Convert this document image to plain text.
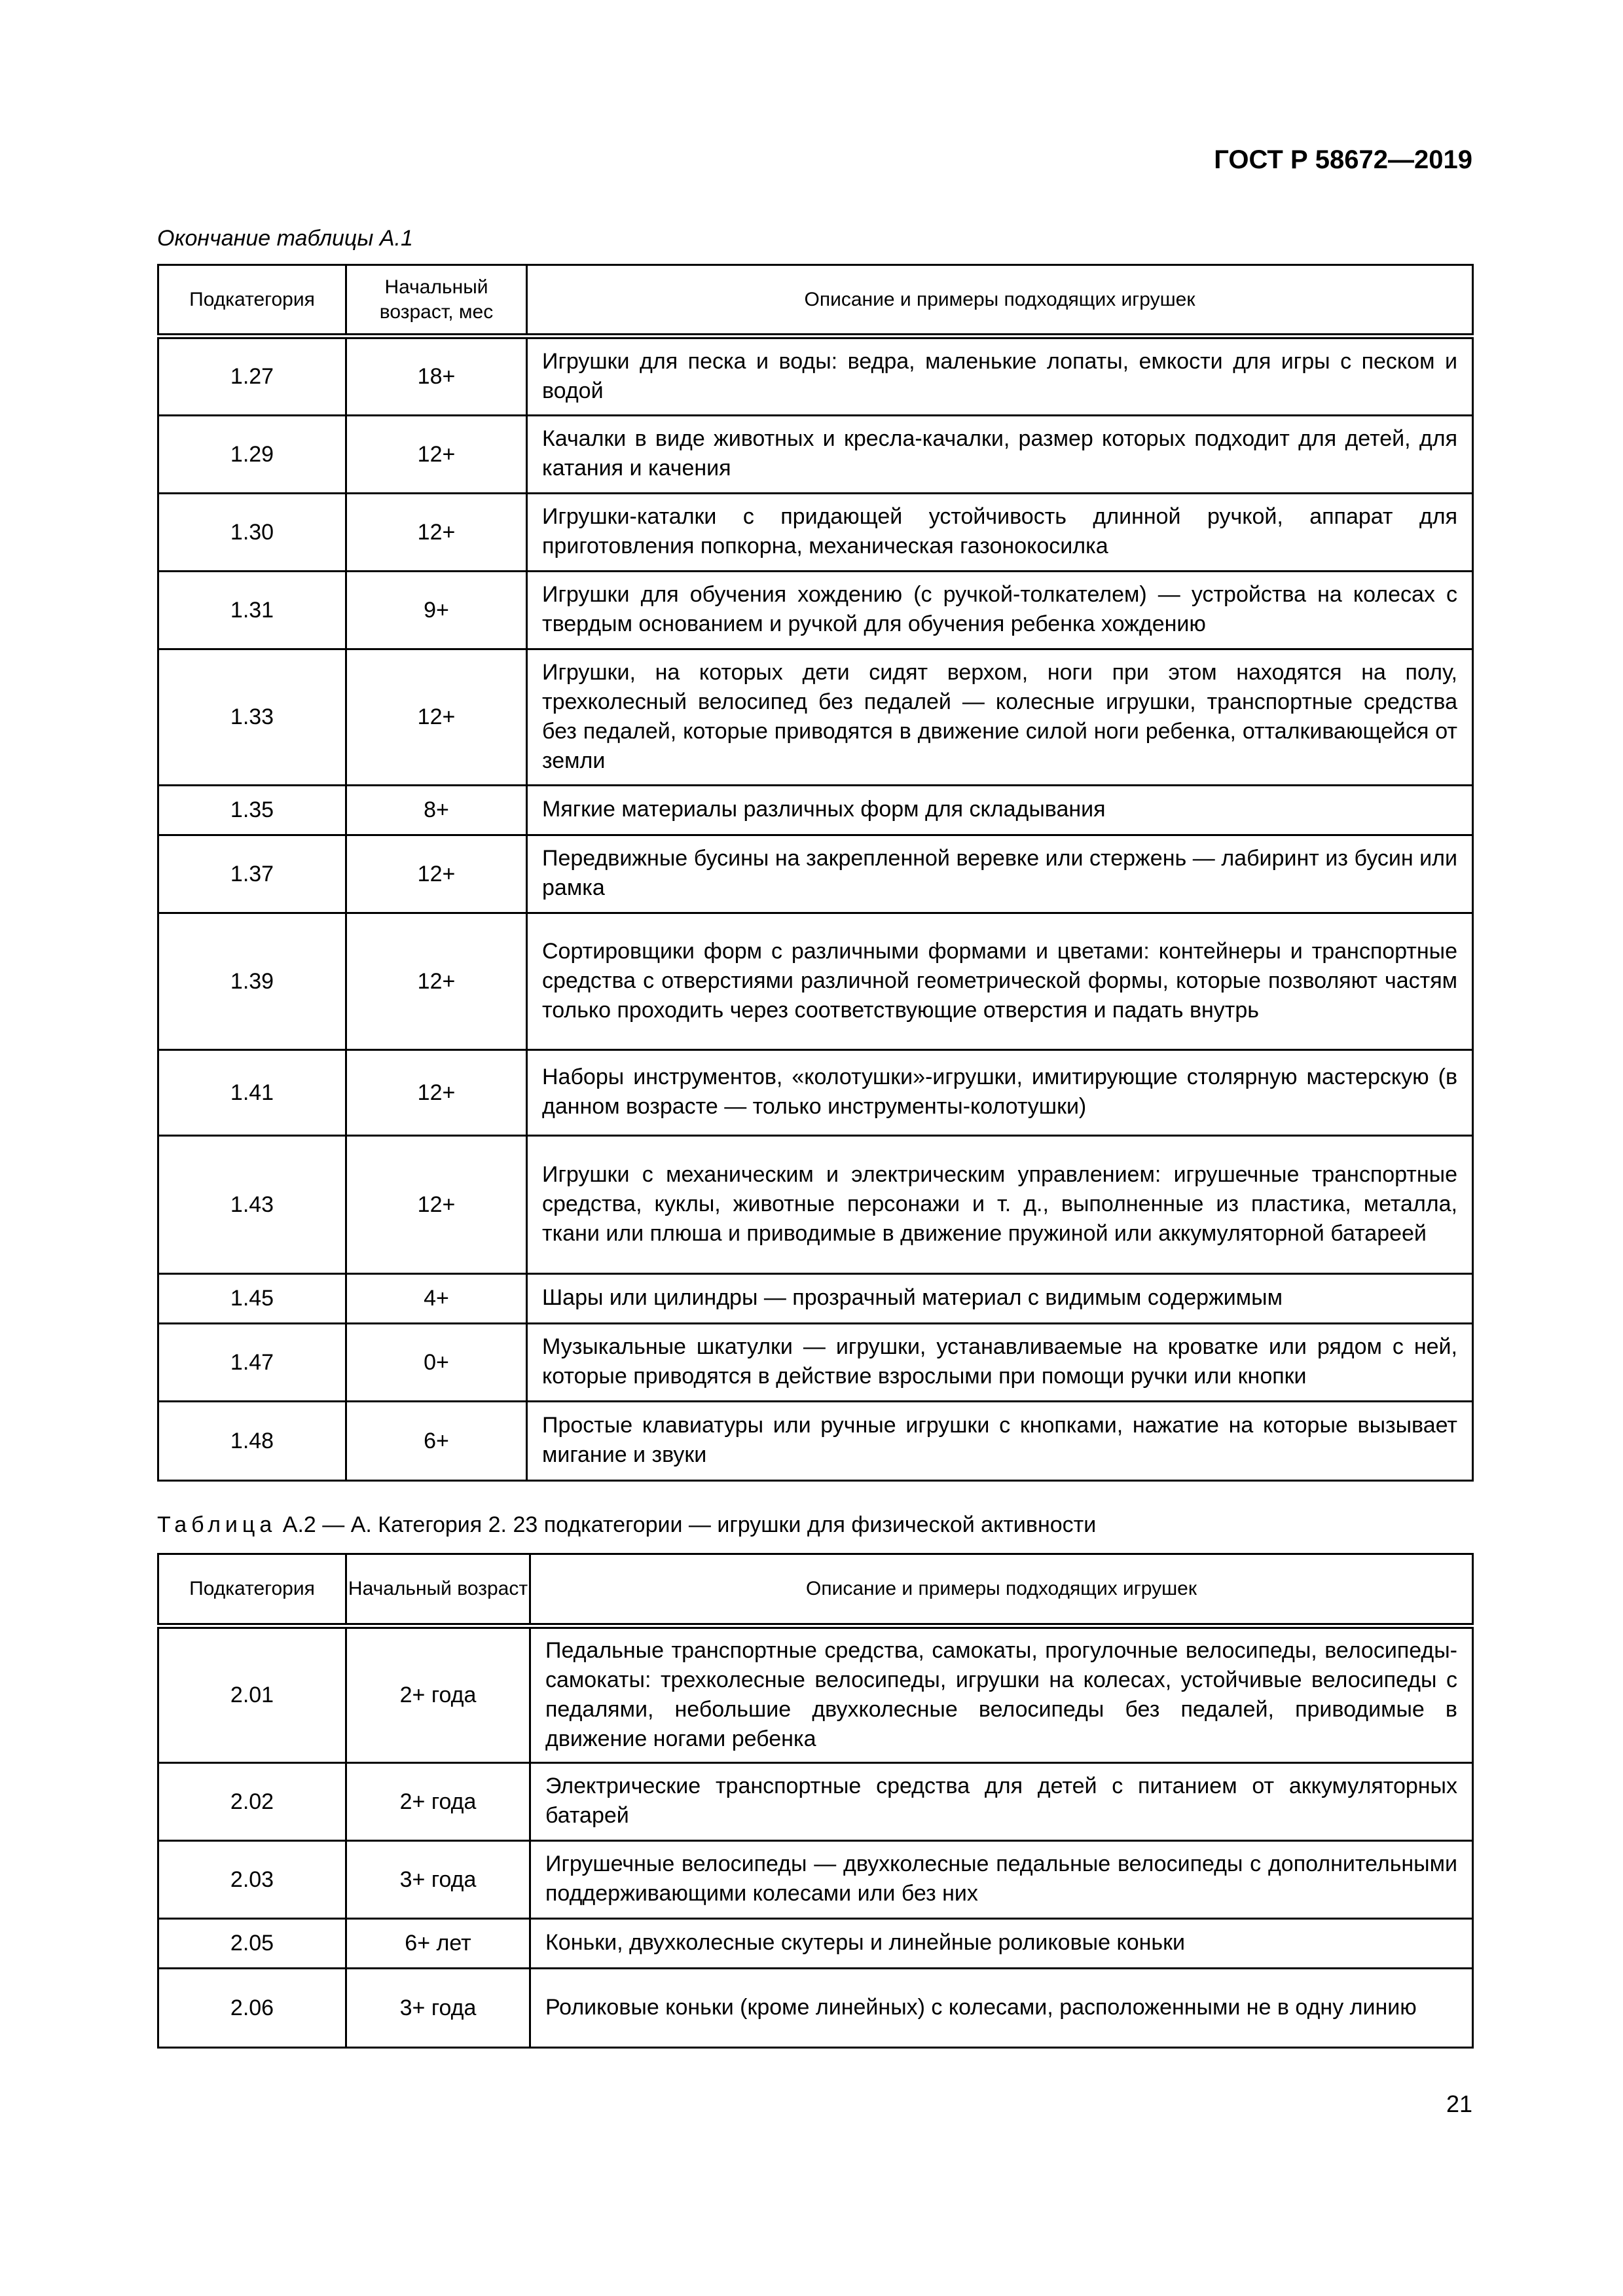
ГОСТ Р 58672—2019
Окончание таблицы А.1
Подкатегория	Начальный возраст, мес	Описание и примеры подходящих игрушек
1.27	18+	Игрушки для песка и воды: ведра, маленькие лопаты, емкости для игры с песком и водой
1.29	12+	Качалки в виде животных и кресла-качалки, размер которых подходит для детей, для катания и качения
1.30	12+	Игрушки-каталки с придающей устойчивость длинной ручкой, аппарат для приготовления попкорна, механическая газонокосилка
1.31	9+	Игрушки для обучения хождению (с ручкой-толкателем) — устройства на колесах с твердым основанием и ручкой для обучения ребенка хождению
1.33	12+	Игрушки, на которых дети сидят верхом, ноги при этом находятся на полу, трехколесный велосипед без педалей — колесные игрушки, транспортные средства без педалей, которые приводятся в движение силой ноги ребенка, отталкивающейся от земли
1.35	8+	Мягкие материалы различных форм для складывания
1.37	12+	Передвижные бусины на закрепленной веревке или стержень — лабиринт из бусин или рамка
1.39	12+	Сортировщики форм с различными формами и цветами: контейнеры и транспортные средства с отверстиями различной геометрической формы, которые позволяют частям только проходить через соответствующие отверстия и падать внутрь
1.41	12+	Наборы инструментов, «колотушки»-игрушки, имитирующие столярную мастерскую (в данном возрасте — только инструменты-колотушки)
1.43	12+	Игрушки с механическим и электрическим управлением: игрушечные транспортные средства, куклы, животные персонажи и т. д., выполненные из пластика, металла, ткани или плюша и приводимые в движение пружиной или аккумуляторной батареей
1.45	4+	Шары или цилиндры — прозрачный материал с видимым содержимым
1.47	0+	Музыкальные шкатулки — игрушки, устанавливаемые на кроватке или рядом с ней, которые приводятся в действие взрослыми при помощи ручки или кнопки
1.48	6+	Простые клавиатуры или ручные игрушки с кнопками, нажатие на которые вызывает мигание и звуки
Таблица А.2 — А. Категория 2. 23 подкатегории — игрушки для физической активности
Подкатегория	Начальный возраст	Описание и примеры подходящих игрушек
2.01	2+ года	Педальные транспортные средства, самокаты, прогулочные велосипеды, велосипеды-самокаты: трехколесные велосипеды, игрушки на колесах, устойчивые велосипеды с педалями, небольшие двухколесные велосипеды без педалей, приводимые в движение ногами ребенка
2.02	2+ года	Электрические транспортные средства для детей с питанием от аккумуляторных батарей
2.03	3+ года	Игрушечные велосипеды — двухколесные педальные велосипеды с дополнительными поддерживающими колесами или без них
2.05	6+ лет	Коньки, двухколесные скутеры и линейные роликовые коньки
2.06	3+ года	Роликовые коньки (кроме линейных) с колесами, расположенными не в одну линию
21
